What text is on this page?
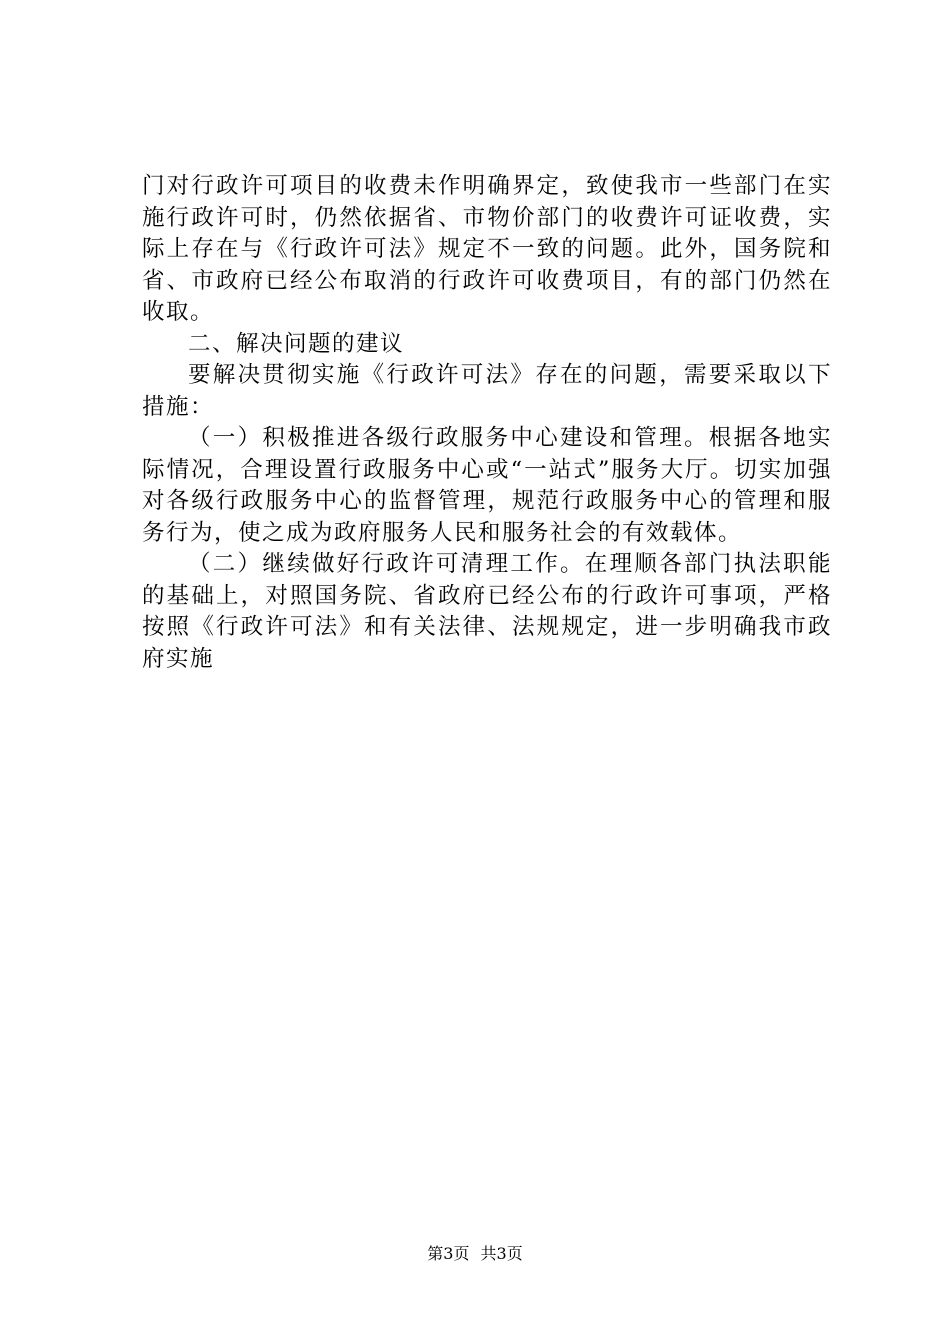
门对行政许可项目的收费未作明确界定，致使我市一些部门在实施行政许可时，仍然依据省、市物价部门的收费许可证收费，实际上存在与《行政许可法》规定不一致的问题。此外，国务院和省、市政府已经公布取消的行政许可收费项目，有的部门仍然在收取。

二、解决问题的建议

要解决贯彻实施《行政许可法》存在的问题，需要采取以下措施：

（一）积极推进各级行政服务中心建设和管理。根据各地实际情况，合理设置行政服务中心或“一站式”服务大厅。切实加强对各级行政服务中心的监督管理，规范行政服务中心的管理和服务行为，使之成为政府服务人民和服务社会的有效载体。

（二）继续做好行政许可清理工作。在理顺各部门执法职能的基础上，对照国务院、省政府已经公布的行政许可事项，严格按照《行政许可法》和有关法律、法规规定，进一步明确我市政府实施

第3页 共3页
